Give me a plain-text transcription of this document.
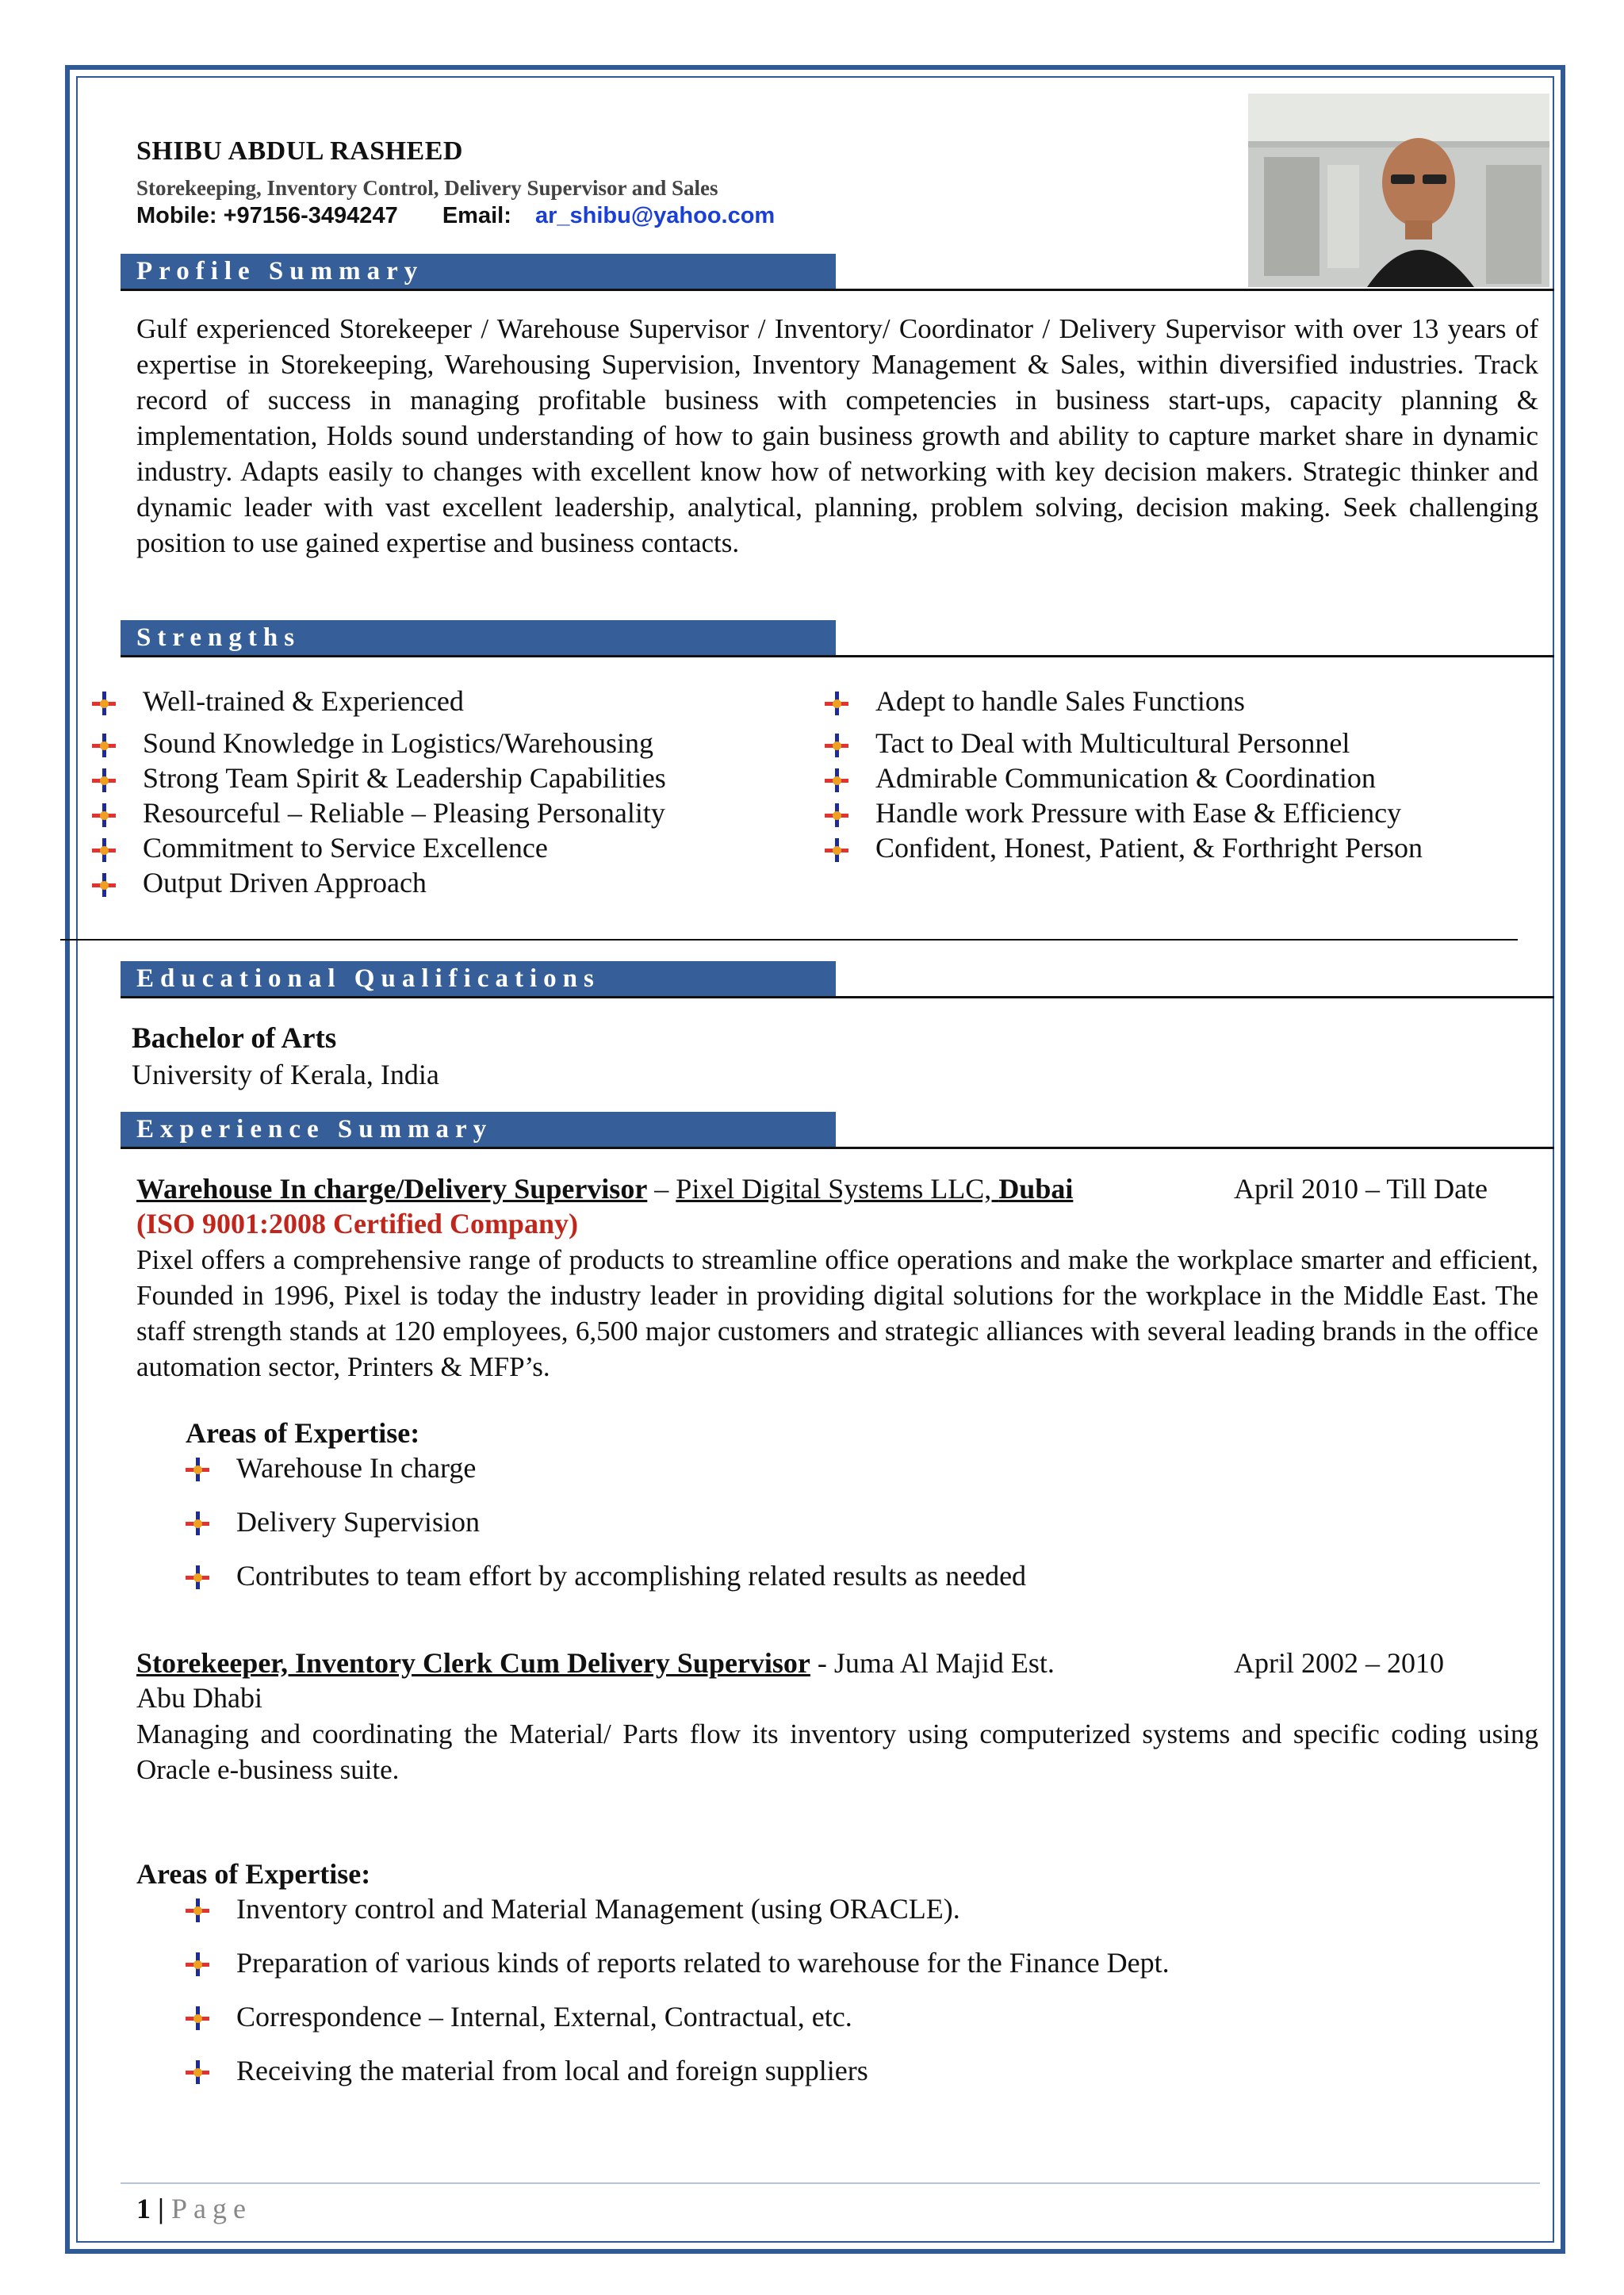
SHIBU ABDUL RASHEED
Storekeeping, Inventory Control, Delivery Supervisor and Sales
Mobile: +97156-3494247 Email: ar_shibu@yahoo.com
Profile Summary
Gulf experienced Storekeeper / Warehouse Supervisor / Inventory/ Coordinator / Delivery Supervisor with over 13 years of expertise in Storekeeping, Warehousing Supervision, Inventory Management & Sales, within diversified industries. Track record of success in managing profitable business with competencies in business start-ups, capacity planning & implementation, Holds sound understanding of how to gain business growth and ability to capture market share in dynamic industry. Adapts easily to changes with excellent know how of networking with key decision makers. Strategic thinker and dynamic leader with vast excellent leadership, analytical, planning, problem solving, decision making. Seek challenging position to use gained expertise and business contacts.
Strengths
Well-trained & Experienced
Sound Knowledge in Logistics/Warehousing
Strong Team Spirit & Leadership Capabilities
Resourceful – Reliable – Pleasing Personality
Commitment to Service Excellence
Output Driven Approach
Adept to handle Sales Functions
Tact to Deal with Multicultural Personnel
Admirable Communication & Coordination
Handle work Pressure with Ease & Efficiency
Confident, Honest, Patient, & Forthright Person
Educational Qualifications
Bachelor of Arts
University of Kerala, India
Experience Summary
Warehouse In charge/Delivery Supervisor – Pixel Digital Systems LLC, Dubai	April 2010 – Till Date
(ISO 9001:2008 Certified Company)
Pixel offers a comprehensive range of products to streamline office operations and make the workplace smarter and efficient, Founded in 1996, Pixel is today the industry leader in providing digital solutions for the workplace in the Middle East. The staff strength stands at 120 employees, 6,500 major customers and strategic alliances with several leading brands in the office automation sector, Printers & MFP’s.
Areas of Expertise:
Warehouse In charge
Delivery Supervision
Contributes to team effort by accomplishing related results as needed
Storekeeper, Inventory Clerk Cum Delivery Supervisor - Juma Al Majid Est.	April 2002 – 2010
Abu Dhabi
Managing and coordinating the Material/ Parts flow its inventory using computerized systems and specific coding using Oracle e-business suite.
Areas of Expertise:
Inventory control and Material Management (using ORACLE).
Preparation of various kinds of reports related to warehouse for the Finance Dept.
Correspondence – Internal, External, Contractual, etc.
Receiving the material from local and foreign suppliers
1 | Page
